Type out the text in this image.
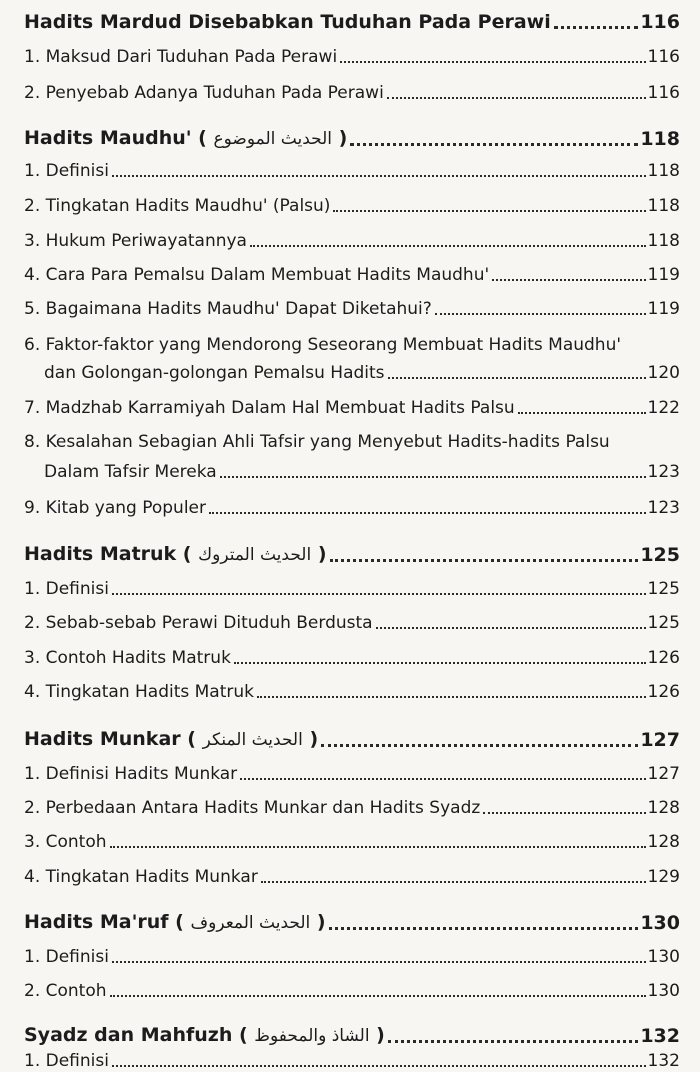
Hadits Mardud Disebabkan Tuduhan Pada Perawi	116
1. Maksud Dari Tuduhan Pada Perawi	116
2. Penyebab Adanya Tuduhan Pada Perawi	116
Hadits Maudhu' ( الحديث الموضوع )	118
1. Definisi	118
2. Tingkatan Hadits Maudhu' (Palsu)	118
3. Hukum Periwayatannya	118
4. Cara Para Pemalsu Dalam Membuat Hadits Maudhu'	119
5. Bagaimana Hadits Maudhu' Dapat Diketahui?	119
6. Faktor-faktor yang Mendorong Seseorang Membuat Hadits Maudhu'
dan Golongan-golongan Pemalsu Hadits	120
7. Madzhab Karramiyah Dalam Hal Membuat Hadits Palsu	122
8. Kesalahan Sebagian Ahli Tafsir yang Menyebut Hadits-hadits Palsu
Dalam Tafsir Mereka	123
9. Kitab yang Populer	123
Hadits Matruk ( الحديث المتروك )	125
1. Definisi	125
2. Sebab-sebab Perawi Dituduh Berdusta	125
3. Contoh Hadits Matruk	126
4. Tingkatan Hadits Matruk	126
Hadits Munkar ( الحديث المنكر )	127
1. Definisi Hadits Munkar	127
2. Perbedaan Antara Hadits Munkar dan Hadits Syadz	128
3. Contoh	128
4. Tingkatan Hadits Munkar	129
Hadits Ma'ruf ( الحديث المعروف )	130
1. Definisi	130
2. Contoh	130
Syadz dan Mahfuzh ( الشاذ والمحفوظ )	132
1. Definisi	132
